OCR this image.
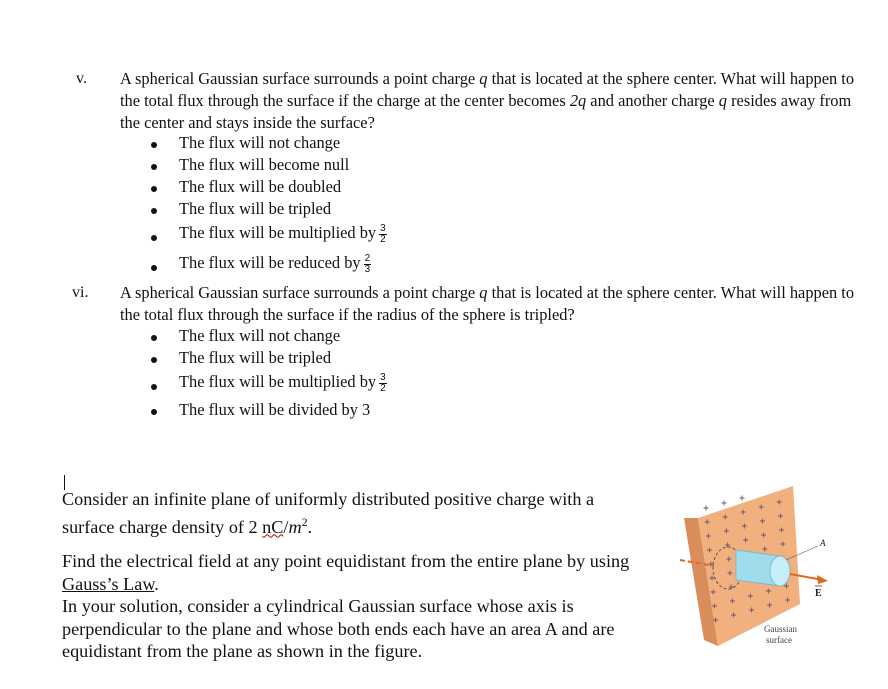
v. A spherical Gaussian surface surrounds a point charge q that is located at the sphere center. What will happen to the total flux through the surface if the charge at the center becomes 2q and another charge q resides away from the center and stays inside the surface?
The flux will not change
The flux will become null
The flux will be doubled
The flux will be tripled
The flux will be multiplied by $\frac{3}{2}$
The flux will be reduced by $\frac{2}{3}$
vi. A spherical Gaussian surface surrounds a point charge q that is located at the sphere center. What will happen to the total flux through the surface if the radius of the sphere is tripled?
The flux will not change
The flux will be tripled
The flux will be multiplied by $\frac{3}{2}$
The flux will be divided by 3
Consider an infinite plane of uniformly distributed positive charge with a surface charge density of 2 $nC/m^2$.
Find the electrical field at any point equidistant from the entire plane by using Gauss’s Law.
In your solution, consider a cylindrical Gaussian surface whose axis is perpendicular to the plane and whose both ends each have an area A and are equidistant from the plane as shown in the figure.
A
E
Gaussian
surface
